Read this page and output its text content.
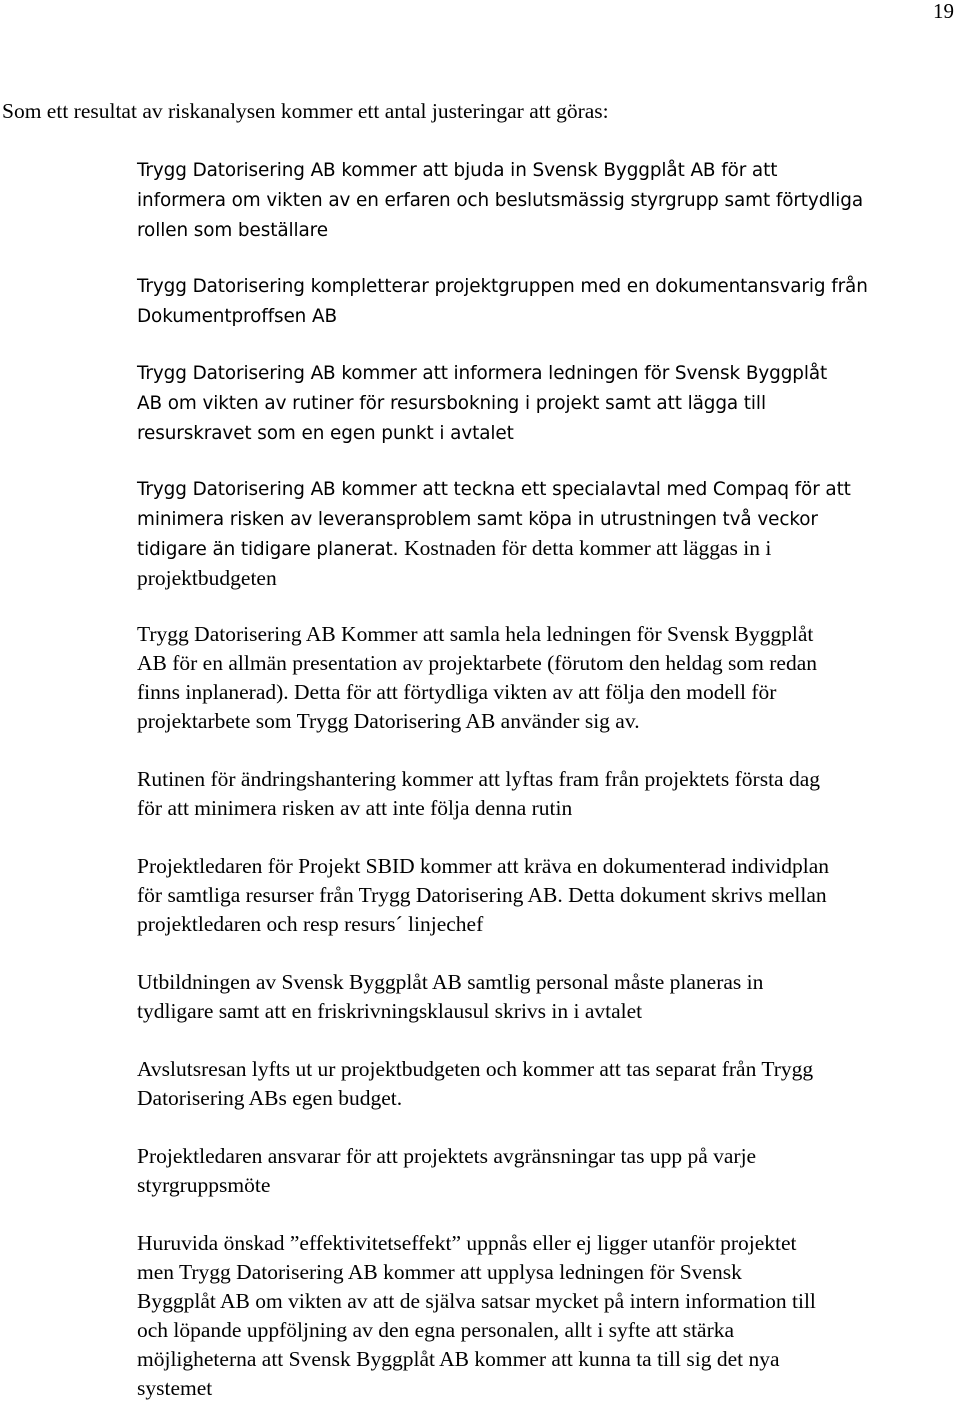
19

Som ett resultat av riskanalysen kommer ett antal justeringar att göras:

Trygg Datorisering AB kommer att bjuda in Svensk Byggplåt AB för att
informera om vikten av en erfaren och beslutsmässig styrgrupp samt förtydliga
rollen som beställare

Trygg Datorisering kompletterar projektgruppen med en dokumentansvarig från
Dokumentproffsen AB

Trygg Datorisering AB kommer att informera ledningen för Svensk Byggplåt
AB om vikten av rutiner för resursbokning i projekt samt att lägga till
resurskravet som en egen punkt i avtalet

Trygg Datorisering AB kommer att teckna ett specialavtal med Compaq för att
minimera risken av leveransproblem samt köpa in utrustningen två veckor
tidigare än tidigare planerat. Kostnaden för detta kommer att läggas in i
projektbudgeten

Trygg Datorisering AB Kommer att samla hela ledningen för Svensk Byggplåt
AB för en allmän presentation av projektarbete (förutom den heldag som redan
finns inplanerad). Detta för att förtydliga vikten av att följa den modell för
projektarbete som Trygg Datorisering AB använder sig av.

Rutinen för ändringshantering kommer att lyftas fram från projektets första dag
för att minimera risken av att inte följa denna rutin

Projektledaren för Projekt SBID kommer att kräva en dokumenterad individplan
för samtliga resurser från Trygg Datorisering AB. Detta dokument skrivs mellan
projektledaren och resp resurs´ linjechef

Utbildningen av Svensk Byggplåt AB samtlig personal måste planeras in
tydligare samt att en friskrivningsklausul skrivs in i avtalet

Avslutsresan lyfts ut ur projektbudgeten och kommer att tas separat från Trygg
Datorisering ABs egen budget.

Projektledaren ansvarar för att projektets avgränsningar tas upp på varje
styrgruppsmöte

Huruvida önskad ”effektivitetseffekt” uppnås eller ej ligger utanför projektet
men Trygg Datorisering AB kommer att upplysa ledningen för Svensk
Byggplåt AB om vikten av att de själva satsar mycket på intern information till
och löpande uppföljning av den egna personalen, allt i syfte att stärka
möjligheterna att Svensk Byggplåt AB kommer att kunna ta till sig det nya
systemet
